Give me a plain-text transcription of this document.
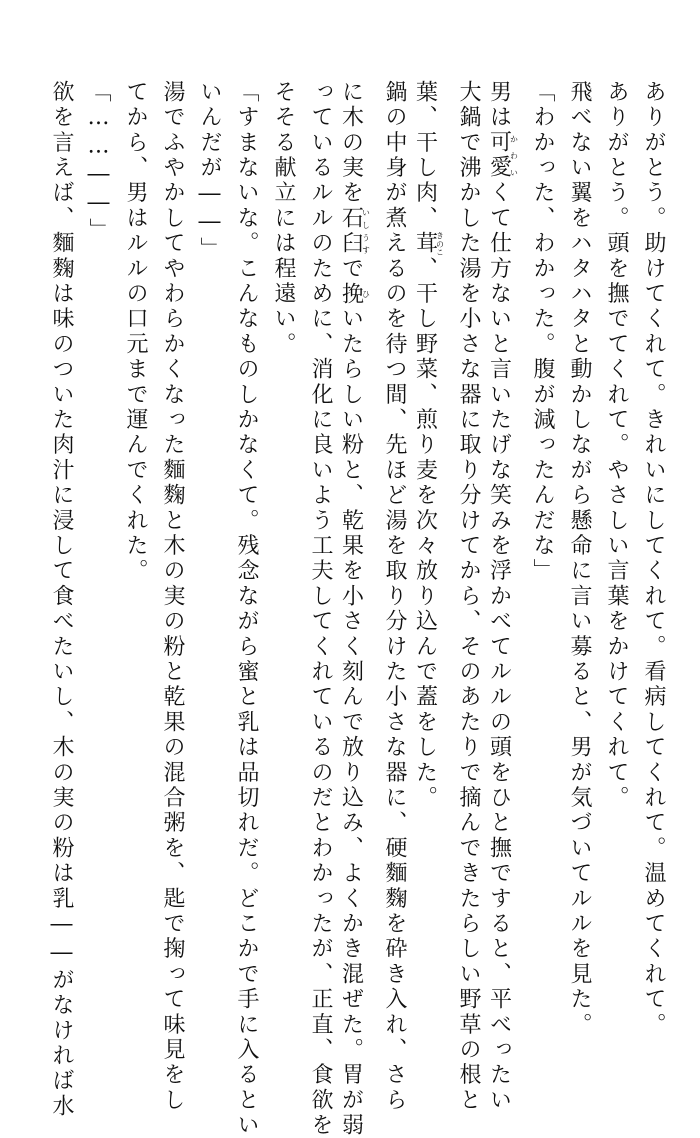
ありがとう。助けてくれて。きれいにしてくれて。看病してくれて。温めてくれて。
ありがとう。頭を撫でてくれて。やさしい言葉をかけてくれて。
飛べない翼をハタハタと動かしながら懸命に言い募ると、男が気づいてルルを見た。
「わかった、わかった。腹が減ったんだな」
男は可愛かわいくて仕方ないと言いたげな笑みを浮かべてルルの頭をひと撫ですると、平べったい
大鍋で沸かした湯を小さな器に取り分けてから、そのあたりで摘んできたらしい野草の根と
葉、干し肉、茸きのこ、干し野菜、煎り麦を次々放り込んで蓋をした。
鍋の中身が煮えるのを待つ間、先ほど湯を取り分けた小さな器に、硬麵麴を砕き入れ、さら
に木の実を石臼いしうすで挽ひいたらしい粉と、乾果を小さく刻んで放り込み、よくかき混ぜた。胃が弱
っているルルのために、消化に良いよう工夫してくれているのだとわかったが、正直、食欲を
そそる献立には程遠い。
「すまないな。こんなものしかなくて。残念ながら蜜と乳は品切れだ。どこかで手に入るとい
いんだが――」
湯でふやかしてやわらかくなった麵麴と木の実の粉と乾果の混合粥を、匙で掬って味見をし
てから、男はルルの口元まで運んでくれた。
「……――」
欲を言えば、麵麴は味のついた肉汁に浸して食べたいし、木の実の粉は乳――がなければ水
